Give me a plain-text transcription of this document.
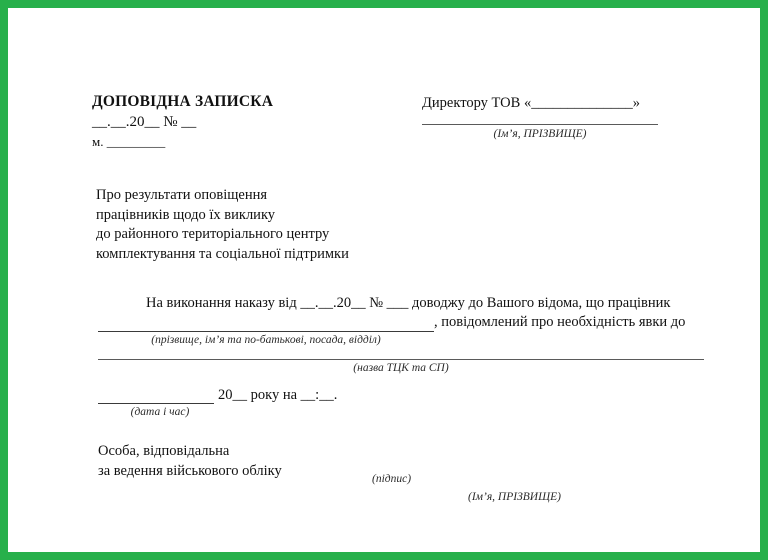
ДОПОВІДНА ЗАПИСКА
__.__.20__ № __
м. _________
Директору ТОВ «______________»
(Ім’я, ПРІЗВИЩЕ)
Про результати оповіщення
працівників щодо їх виклику
до районного територіального центру
комплектування та соціальної підтримки
На виконання наказу від __.__.20__ № ___ доводжу до Вашого відома, що працівник
, повідомлений про необхідність явки до
(прізвище, ім’я та по-батькові, посада, відділ)
(назва ТЦК та СП)
20__ року на __:__.
(дата і час)
Особа, відповідальна
за ведення військового обліку
(підпис) (Ім’я, ПРІЗВИЩЕ)
